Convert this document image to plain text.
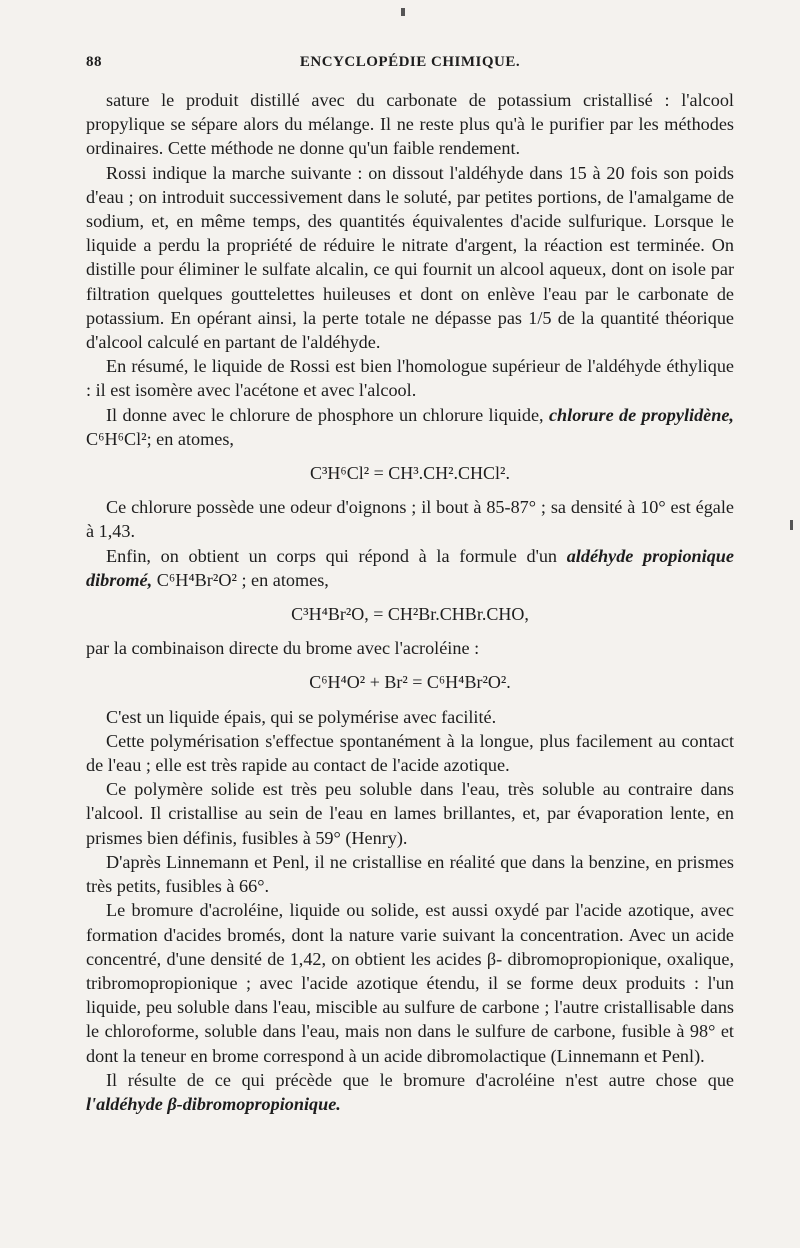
88	ENCYCLOPÉDIE CHIMIQUE.

sature le produit distillé avec du carbonate de potassium cristallisé : l'alcool propylique se sépare alors du mélange. Il ne reste plus qu'à le purifier par les méthodes ordinaires. Cette méthode ne donne qu'un faible rendement.

Rossi indique la marche suivante : on dissout l'aldéhyde dans 15 à 20 fois son poids d'eau ; on introduit successivement dans le soluté, par petites portions, de l'amalgame de sodium, et, en même temps, des quantités équivalentes d'acide sulfurique. Lorsque le liquide a perdu la propriété de réduire le nitrate d'argent, la réaction est terminée. On distille pour éliminer le sulfate alcalin, ce qui fournit un alcool aqueux, dont on isole par filtration quelques gouttelettes huileuses et dont on enlève l'eau par le carbonate de potassium. En opérant ainsi, la perte totale ne dépasse pas 1/5 de la quantité théorique d'alcool calculé en partant de l'aldéhyde.

En résumé, le liquide de Rossi est bien l'homologue supérieur de l'aldéhyde éthylique : il est isomère avec l'acétone et avec l'alcool.

Il donne avec le chlorure de phosphore un chlorure liquide, chlorure de propylidène, C⁶H⁶Cl²; en atomes,

C³H⁶Cl² = CH³.CH².CHCl².

Ce chlorure possède une odeur d'oignons ; il bout à 85-87° ; sa densité à 10° est égale à 1,43.

Enfin, on obtient un corps qui répond à la formule d'un aldéhyde propionique dibromé, C⁶H⁴Br²O² ; en atomes,

C³H⁴Br²O, = CH²Br.CHBr.CHO,

par la combinaison directe du brome avec l'acroléine :

C⁶H⁴O² + Br² = C⁶H⁴Br²O².

C'est un liquide épais, qui se polymérise avec facilité.

Cette polymérisation s'effectue spontanément à la longue, plus facilement au contact de l'eau ; elle est très rapide au contact de l'acide azotique.

Ce polymère solide est très peu soluble dans l'eau, très soluble au contraire dans l'alcool. Il cristallise au sein de l'eau en lames brillantes, et, par évaporation lente, en prismes bien définis, fusibles à 59° (Henry).

D'après Linnemann et Penl, il ne cristallise en réalité que dans la benzine, en prismes très petits, fusibles à 66°.

Le bromure d'acroléine, liquide ou solide, est aussi oxydé par l'acide azotique, avec formation d'acides bromés, dont la nature varie suivant la concentration. Avec un acide concentré, d'une densité de 1,42, on obtient les acides β- dibromopropionique, oxalique, tribromopropionique ; avec l'acide azotique étendu, il se forme deux produits : l'un liquide, peu soluble dans l'eau, miscible au sulfure de carbone ; l'autre cristallisable dans le chloroforme, soluble dans l'eau, mais non dans le sulfure de carbone, fusible à 98° et dont la teneur en brome correspond à un acide dibromolactique (Linnemann et Penl).

Il résulte de ce qui précède que le bromure d'acroléine n'est autre chose que l'aldéhyde β-dibromopropionique.
